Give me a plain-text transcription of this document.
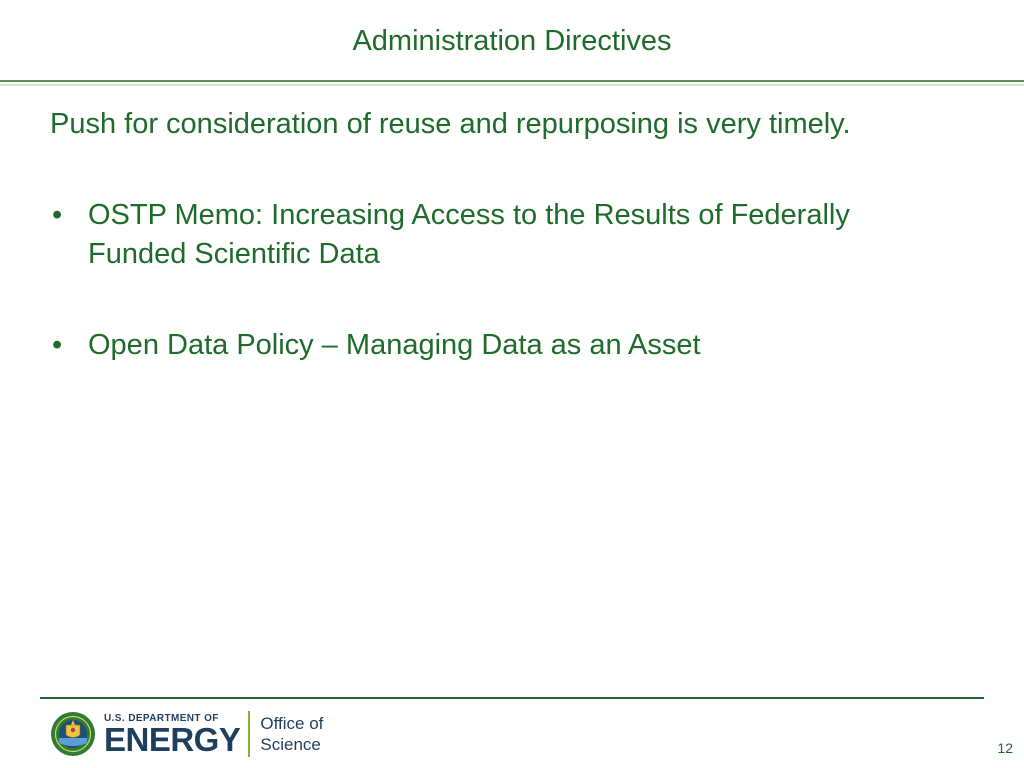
Administration Directives

Push for consideration of reuse and repurposing is very timely.

• OSTP Memo: Increasing Access to the Results of Federally Funded Scientific Data
• Open Data Policy – Managing Data as an Asset
U.S. DEPARTMENT OF
ENERGY Office of
Science	12
